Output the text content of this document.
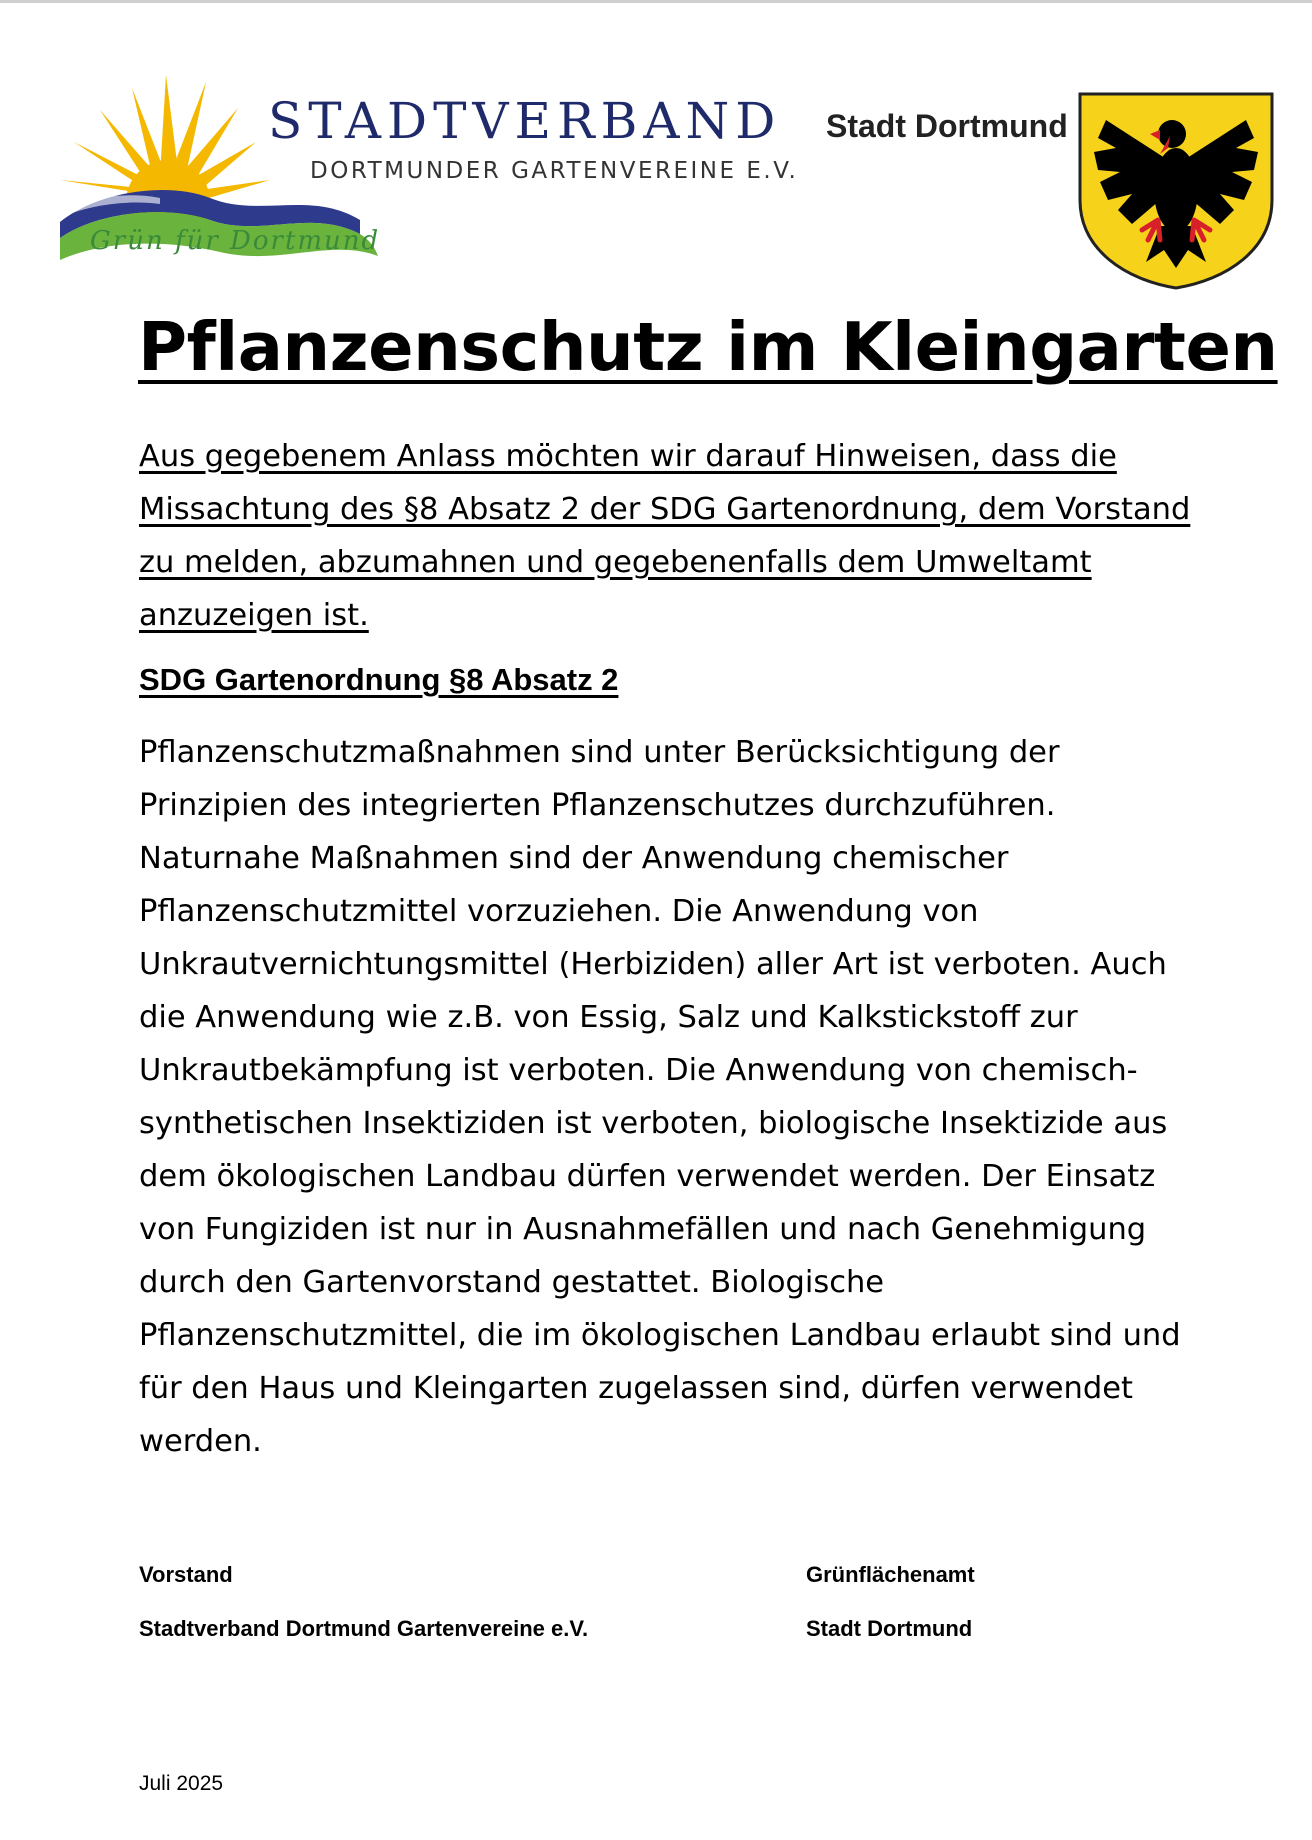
STADTVERBAND
DORTMUNDER GARTENVEREINE E.V.
Grün für Dortmund
Stadt Dortmund
Pflanzenschutz im Kleingarten

Aus gegebenem Anlass möchten wir darauf Hinweisen, dass die Missachtung des §8 Absatz 2 der SDG Gartenordnung, dem Vorstand zu melden, abzumahnen und gegebenenfalls dem Umweltamt anzuzeigen ist.

SDG Gartenordnung §8 Absatz 2

Pflanzenschutzmaßnahmen sind unter Berücksichtigung der Prinzipien des integrierten Pflanzenschutzes durchzuführen. Naturnahe Maßnahmen sind der Anwendung chemischer Pflanzenschutzmittel vorzuziehen. Die Anwendung von Unkrautvernichtungsmittel (Herbiziden) aller Art ist verboten. Auch die Anwendung wie z.B. von Essig, Salz und Kalkstickstoff zur Unkrautbekämpfung ist verboten. Die Anwendung von chemisch-synthetischen Insektiziden ist verboten, biologische Insektizide aus dem ökologischen Landbau dürfen verwendet werden. Der Einsatz von Fungiziden ist nur in Ausnahmefällen und nach Genehmigung durch den Gartenvorstand gestattet. Biologische Pflanzenschutzmittel, die im ökologischen Landbau erlaubt sind und für den Haus und Kleingarten zugelassen sind, dürfen verwendet werden.

Vorstand
Stadtverband Dortmund Gartenvereine e.V.
Grünflächenamt
Stadt Dortmund
Juli 2025
